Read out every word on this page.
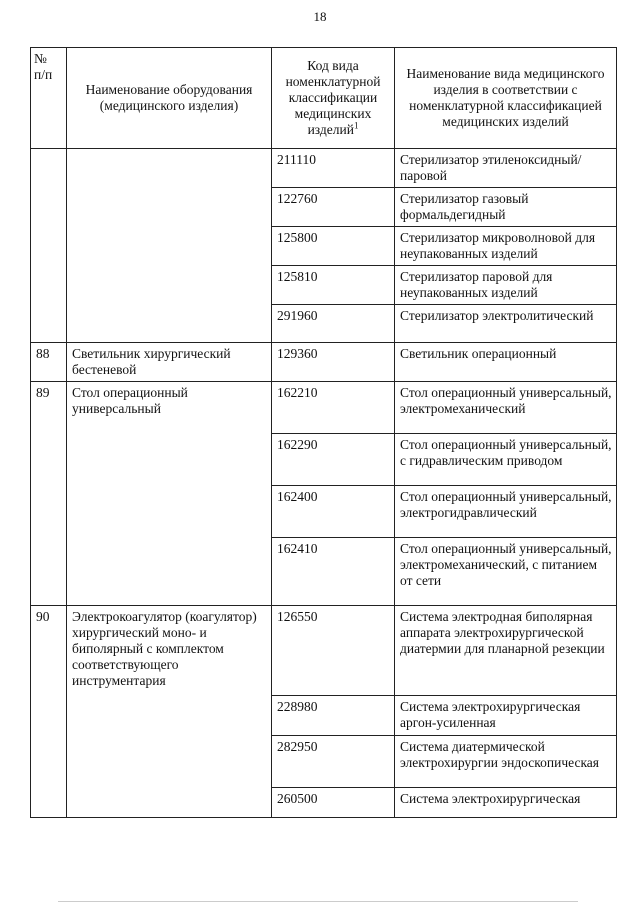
18
№
п/п	Наименование оборудования (медицинского изделия)	Код вида номенклатурной классификации медицинских изделий$^1$	Наименование вида медицинского изделия в соответствии с номенклатурной классификацией медицинских изделий
		211110	Стерилизатор этиленоксидный/паровой
		122760	Стерилизатор газовый формальдегидный
		125800	Стерилизатор микроволновой для неупакованных изделий
		125810	Стерилизатор паровой для неупакованных изделий
		291960	Стерилизатор электролитический
88	Светильник хирургический бестеневой	129360	Светильник операционный
89	Стол операционный универсальный	162210	Стол операционный универсальный, электромеханический
		162290	Стол операционный универсальный, с гидравлическим приводом
		162400	Стол операционный универсальный, электрогидравлический
		162410	Стол операционный универсальный, электромеханический, с питанием от сети
90	Электрокоагулятор (коагулятор) хирургический моно- и биполярный с комплектом соответствующего инструментария	126550	Система электродная биполярная аппарата электрохирургической диатермии для планарной резекции
		228980	Система электрохирургическая аргон-усиленная
		282950	Система диатермической электрохирургии эндоскопическая
		260500	Система электрохирургическая
